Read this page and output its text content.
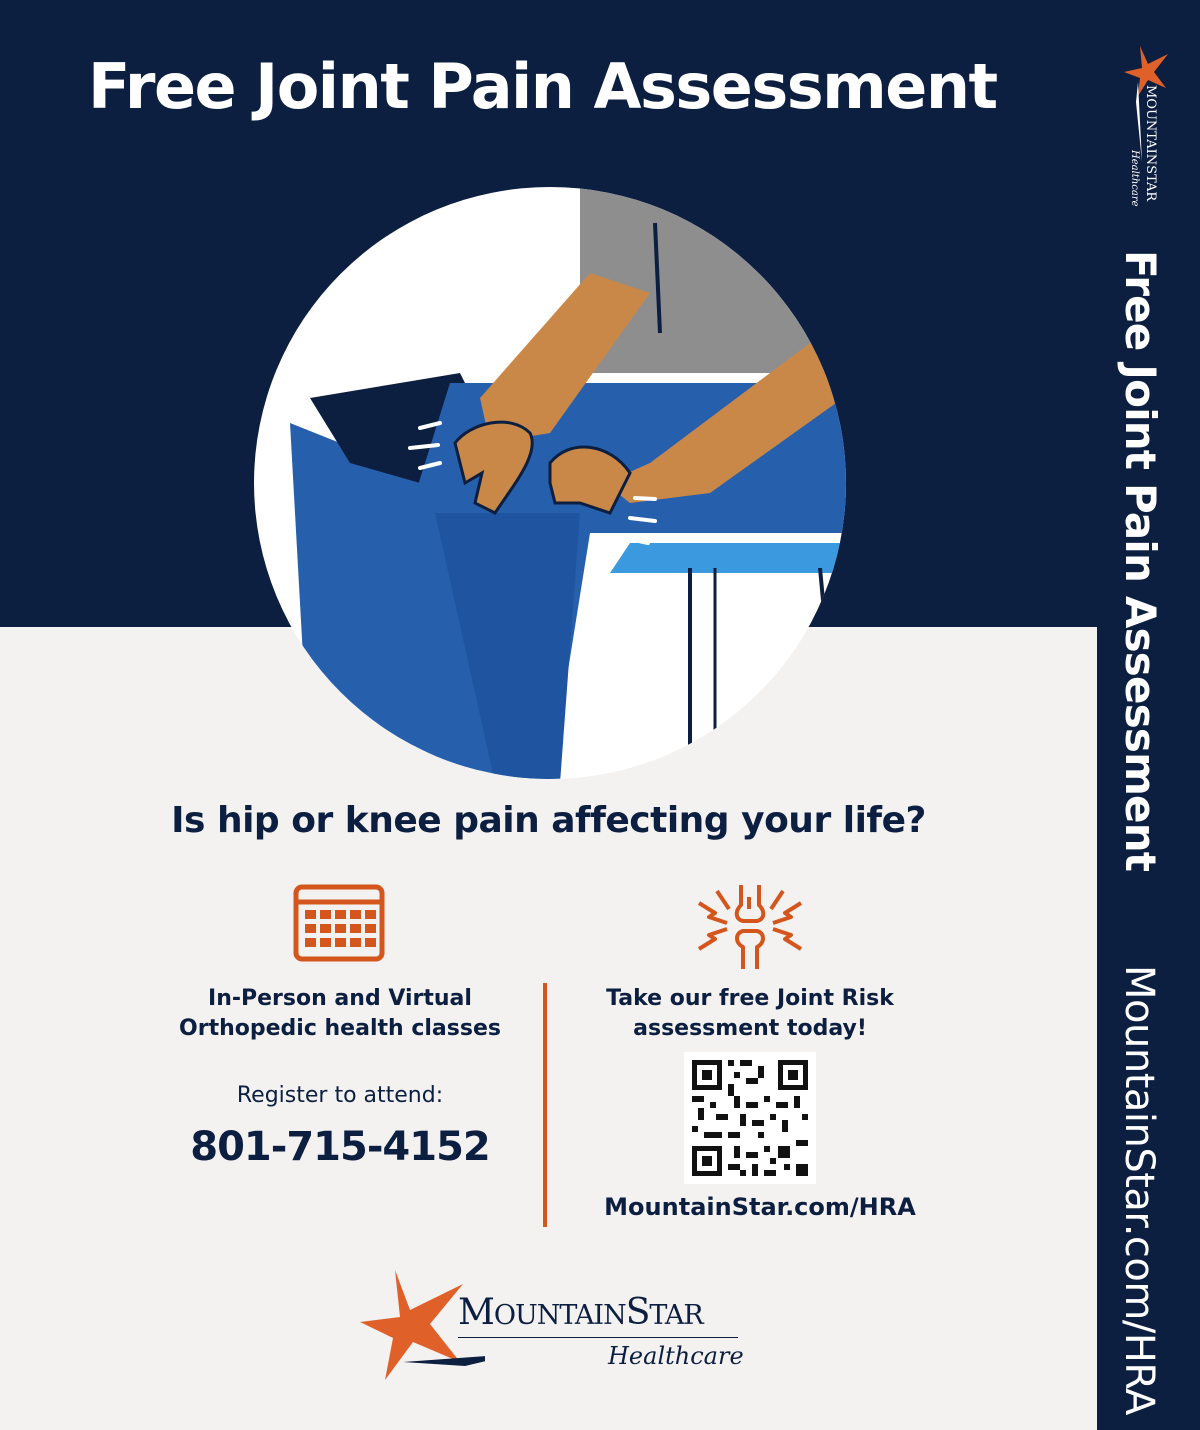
Free Joint Pain Assessment
Is hip or knee pain affecting your life?
In-Person and Virtual
Orthopedic health classes
Register to attend:
801-715-4152
Take our free Joint Risk
assessment today!
MountainStar.com/HRA
MOUNTAINSTAR
Healthcare
MOUNTAINSTAR
Healthcare
Free Joint Pain Assessment
MountainStar.com/HRA
